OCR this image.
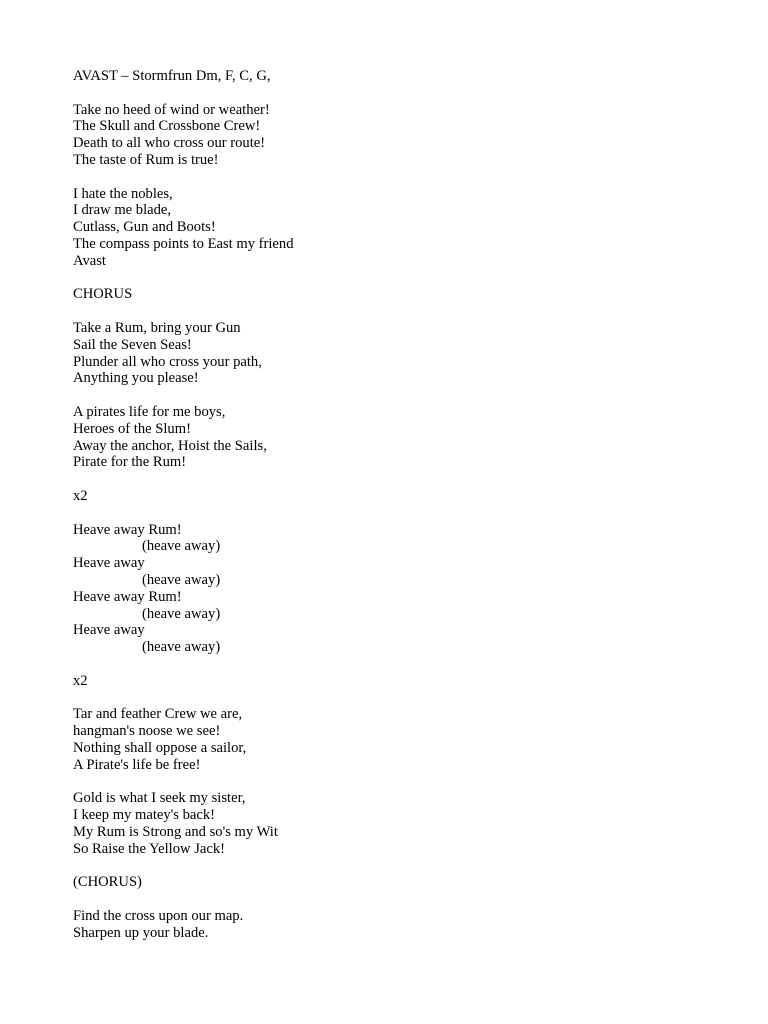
AVAST – Stormfrun Dm, F, C, G,
Take no heed of wind or weather!
The Skull and Crossbone Crew!
Death to all who cross our route!
The taste of Rum is true!
I hate the nobles,
I draw me blade,
Cutlass, Gun and Boots!
The compass points to East my friend
Avast
CHORUS
Take a Rum, bring your Gun
Sail the Seven Seas!
Plunder all who cross your path,
Anything you please!
A pirates life for me boys,
Heroes of the Slum!
Away the anchor, Hoist the Sails,
Pirate for the Rum!
x2
Heave away Rum!
(heave away)
Heave away
(heave away)
Heave away Rum!
(heave away)
Heave away
(heave away)
x2
Tar and feather Crew we are,
hangman's noose we see!
Nothing shall oppose a sailor,
A Pirate's life be free!
Gold is what I seek my sister,
I keep my matey's back!
My Rum is Strong and so's my Wit
So Raise the Yellow Jack!
(CHORUS)
Find the cross upon our map.
Sharpen up your blade.
